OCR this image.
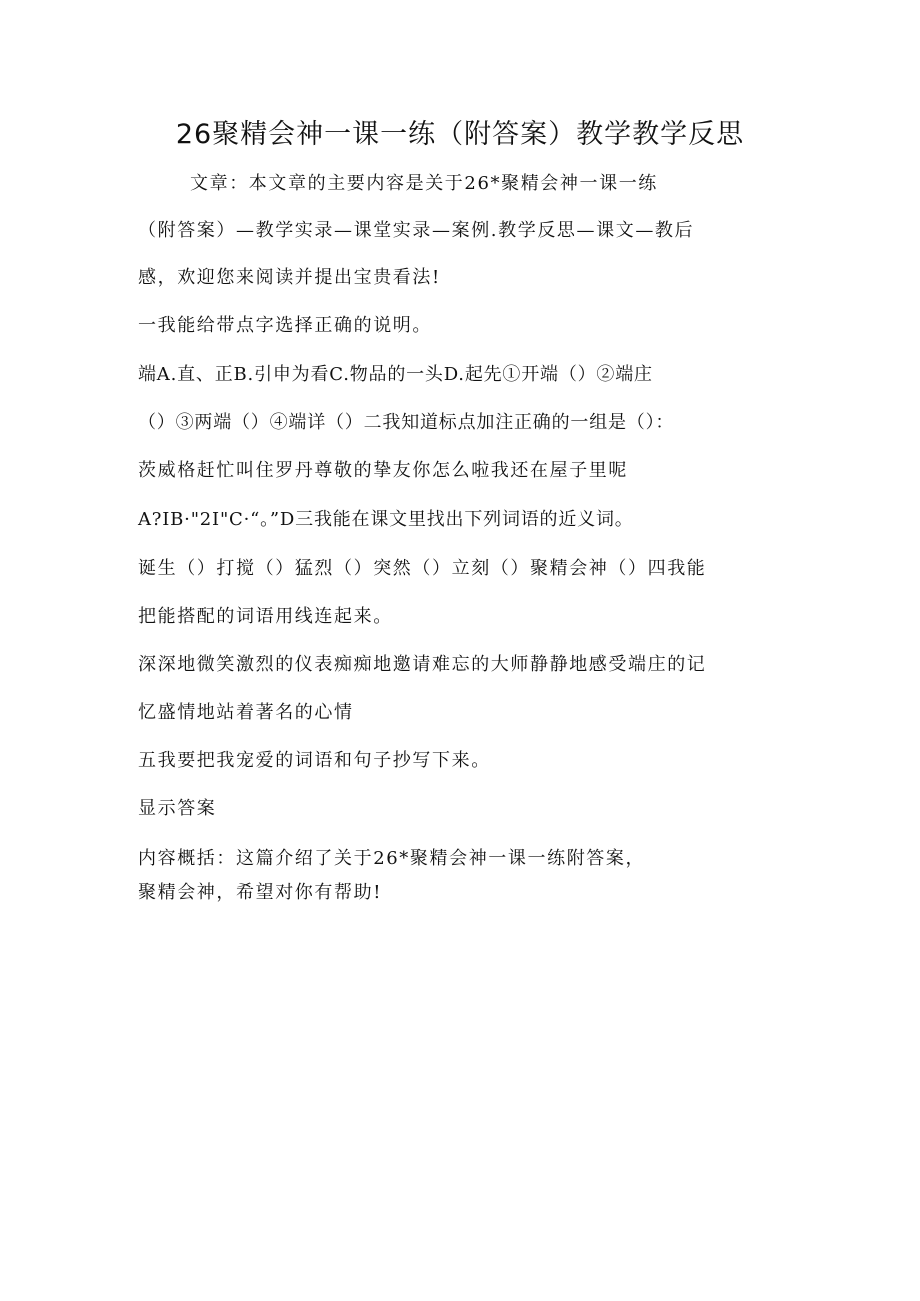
26聚精会神一课一练（附答案）教学教学反思
文章：本文章的主要内容是关于26*聚精会神一课一练
（附答案）—教学实录—课堂实录—案例.教学反思—课文—教后
感，欢迎您来阅读并提出宝贵看法!
一我能给带点字选择正确的说明。
端A.直、正B.引申为看C.物品的一头D.起先①开端（）②端庄
（）③两端（）④端详（）二我知道标点加注正确的一组是（）：
茨威格赶忙叫住罗丹尊敬的挚友你怎么啦我还在屋子里呢
A?IB·"2I"C·“。”D三我能在课文里找出下列词语的近义词。
诞生（）打搅（）猛烈（）突然（）立刻（）聚精会神（）四我能
把能搭配的词语用线连起来。
深深地微笑激烈的仪表痴痴地邀请难忘的大师静静地感受端庄的记
忆盛情地站着著名的心情
五我要把我宠爱的词语和句子抄写下来。
显示答案
内容概括：这篇介绍了关于26*聚精会神一课一练附答案，
聚精会神，希望对你有帮助!
